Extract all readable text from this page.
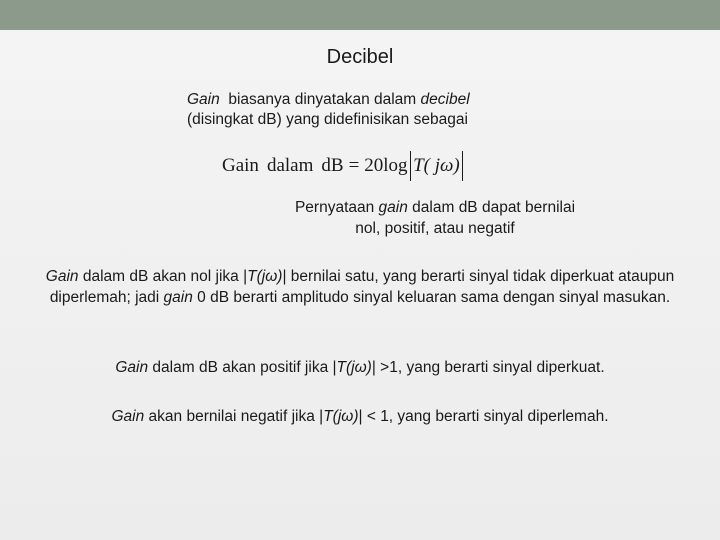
Decibel
Gain  biasanya dinyatakan dalam decibel
(disingkat dB) yang didefinisikan sebagai
Gain dalam dB = 20 log T( jω)
Pernyataan gain dalam dB dapat bernilai nol, positif, atau negatif
Gain dalam dB akan nol jika |T(jω)| bernilai satu, yang berarti sinyal tidak diperkuat ataupun diperlemah; jadi gain 0 dB berarti amplitudo sinyal keluaran sama dengan sinyal masukan.
Gain dalam dB akan positif jika |T(jω)| >1, yang berarti sinyal diperkuat.
Gain akan bernilai negatif jika |T(jω)| < 1, yang berarti sinyal diperlemah.
